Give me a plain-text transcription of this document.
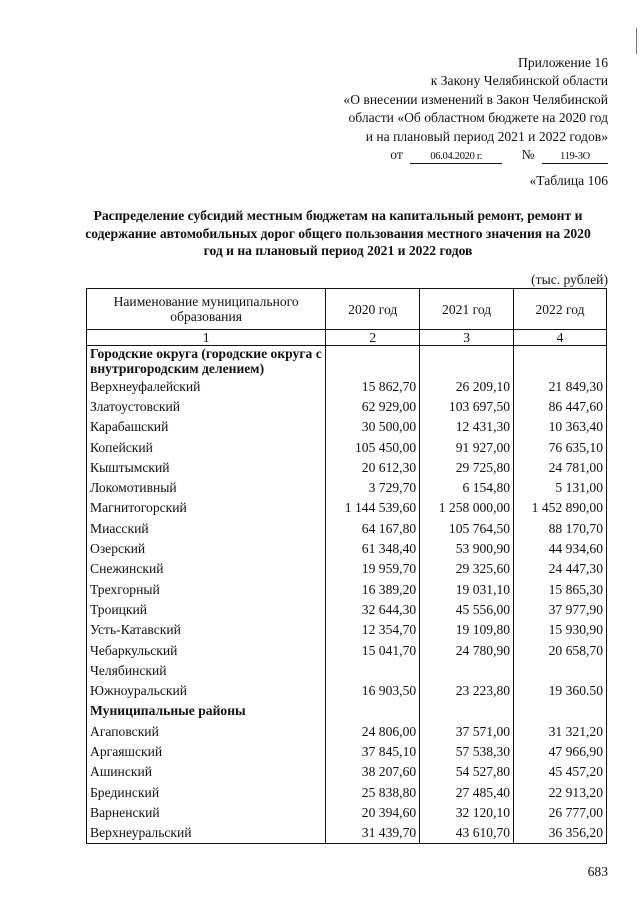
Приложение 16
к Закону Челябинской области
«О внесении изменений в Закон Челябинской
области «Об областном бюджете на 2020 год
и на плановый период 2021 и 2022 годов»
от	06.04.2020 г.	№ 119-ЗО
«Таблица 106
Распределение субсидий местным бюджетам на капитальный ремонт, ремонт и содержание автомобильных дорог общего пользования местного значения на 2020 год и на плановый период 2021 и 2022 годов
(тыс. рублей)
Наименование муниципального образования	2020 год	2021 год	2022 год
1	2	3	4
Городские округа (городские округа с внутригородским делением)			
Верхнеуфалейский	15 862,70	26 209,10	21 849,30
Златоустовский	62 929,00	103 697,50	86 447,60
Карабашский	30 500,00	12 431,30	10 363,40
Копейский	105 450,00	91 927,00	76 635,10
Кыштымский	20 612,30	29 725,80	24 781,00
Локомотивный	3 729,70	6 154,80	5 131,00
Магнитогорский	1 144 539,60	1 258 000,00	1 452 890,00
Миасский	64 167,80	105 764,50	88 170,70
Озерский	61 348,40	53 900,90	44 934,60
Снежинский	19 959,70	29 325,60	24 447,30
Трехгорный	16 389,20	19 031,10	15 865,30
Троицкий	32 644,30	45 556,00	37 977,90
Усть-Катавский	12 354,70	19 109,80	15 930,90
Чебаркульский	15 041,70	24 780,90	20 658,70
Челябинский			
Южноуральский	16 903,50	23 223,80	19 360.50
Муниципальные районы			
Агаповский	24 806,00	37 571,00	31 321,20
Аргаяшский	37 845,10	57 538,30	47 966,90
Ашинский	38 207,60	54 527,80	45 457,20
Брединский	25 838,80	27 485,40	22 913,20
Варненский	20 394,60	32 120,10	26 777,00
Верхнеуральский	31 439,70	43 610,70	36 356,20
683
